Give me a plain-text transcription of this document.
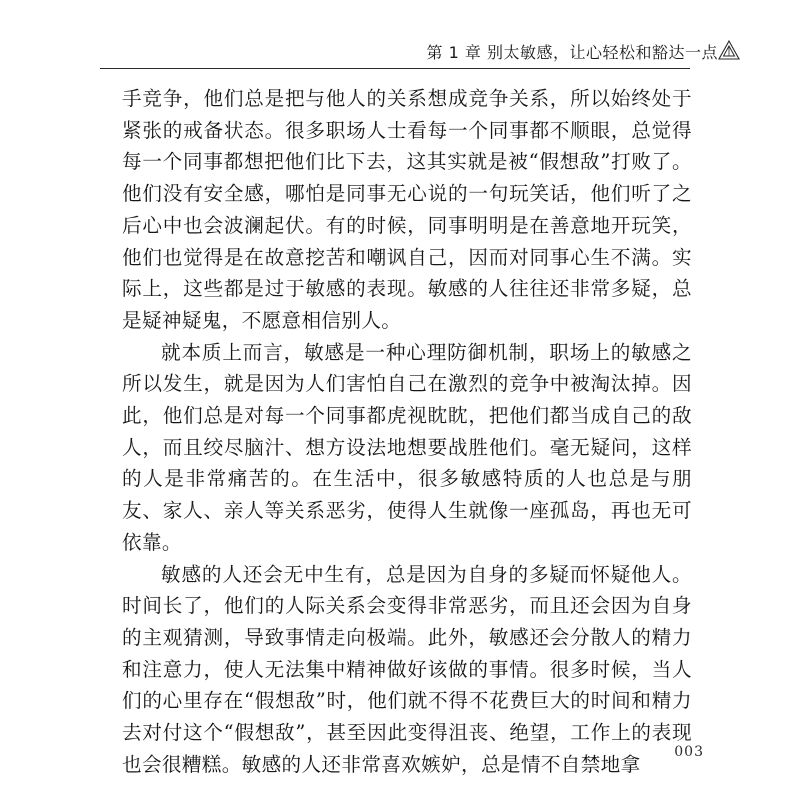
第 1 章 别太敏感，让心轻松和豁达一点

手竞争，他们总是把与他人的关系想成竞争关系，所以始终处于紧张的戒备状态。很多职场人士看每一个同事都不顺眼，总觉得每一个同事都想把他们比下去，这其实就是被“假想敌”打败了。他们没有安全感，哪怕是同事无心说的一句玩笑话，他们听了之后心中也会波澜起伏。有的时候，同事明明是在善意地开玩笑，他们也觉得是在故意挖苦和嘲讽自己，因而对同事心生不满。实际上，这些都是过于敏感的表现。敏感的人往往还非常多疑，总是疑神疑鬼，不愿意相信别人。

就本质上而言，敏感是一种心理防御机制，职场上的敏感之所以发生，就是因为人们害怕自己在激烈的竞争中被淘汰掉。因此，他们总是对每一个同事都虎视眈眈，把他们都当成自己的敌人，而且绞尽脑汁、想方设法地想要战胜他们。毫无疑问，这样的人是非常痛苦的。在生活中，很多敏感特质的人也总是与朋友、家人、亲人等关系恶劣，使得人生就像一座孤岛，再也无可依靠。

敏感的人还会无中生有，总是因为自身的多疑而怀疑他人。时间长了，他们的人际关系会变得非常恶劣，而且还会因为自身的主观猜测，导致事情走向极端。此外，敏感还会分散人的精力和注意力，使人无法集中精神做好该做的事情。很多时候，当人们的心里存在“假想敌”时，他们就不得不花费巨大的时间和精力去对付这个“假想敌”，甚至因此变得沮丧、绝望，工作上的表现也会很糟糕。敏感的人还非常喜欢嫉妒，总是情不自禁地拿

003
